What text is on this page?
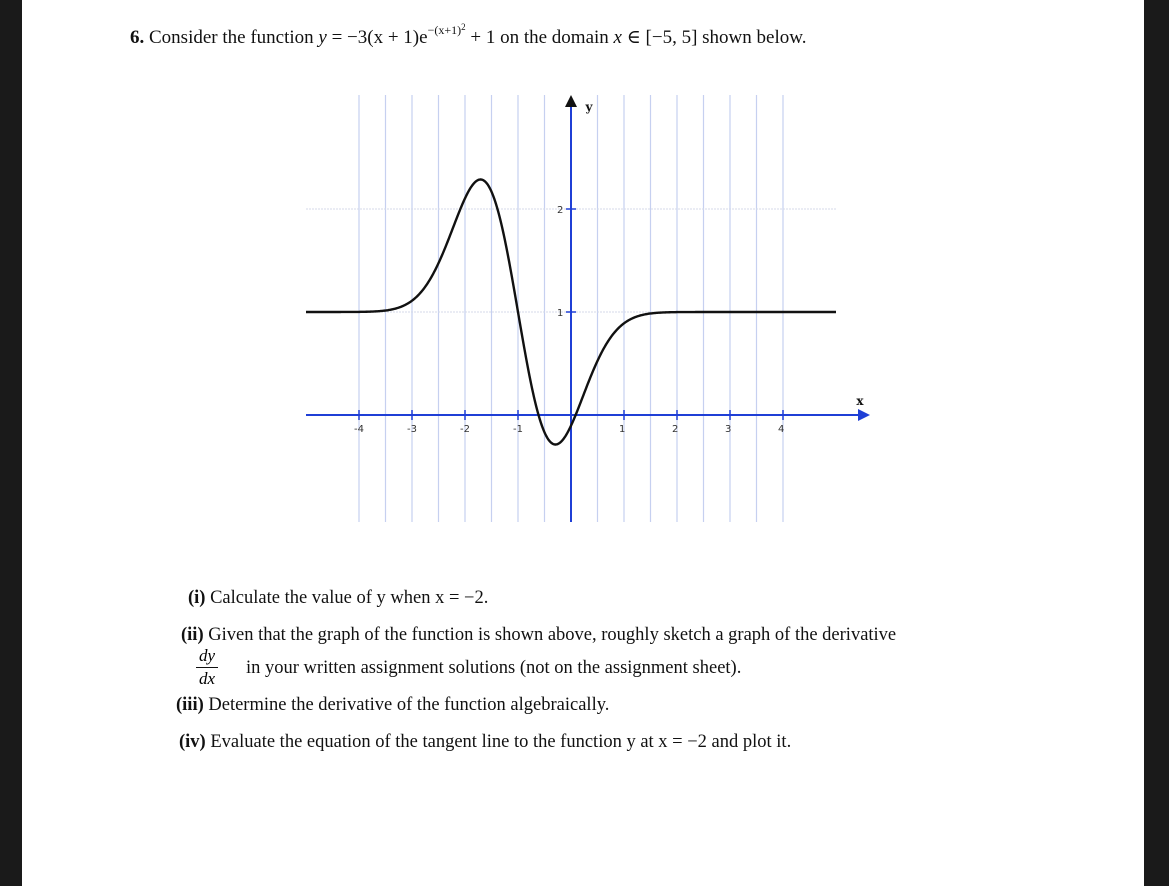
6. Consider the function $y = -3(x + 1)e^{-(x+1)2} + 1$ on the domain x ∈ [−5, 5] shown below.
x
y
-4	-3	-2	-1	1	2	3	4
1
2
(i) Calculate the value of y when x = −2.
(ii) Given that the graph of the function is shown above, roughly sketch a graph of the derivative
dy
dx
in your written assignment solutions (not on the assignment sheet).
(iii) Determine the derivative of the function algebraically.
(iv) Evaluate the equation of the tangent line to the function y at x = −2 and plot it.
